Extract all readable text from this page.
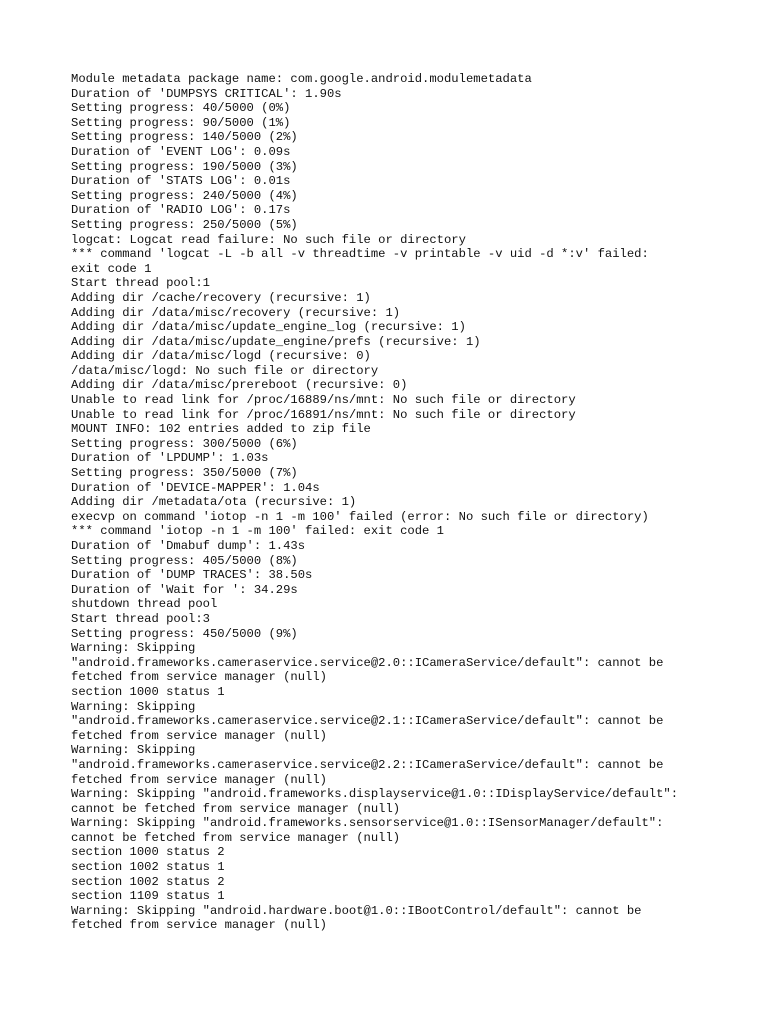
Module metadata package name: com.google.android.modulemetadata
Duration of 'DUMPSYS CRITICAL': 1.90s
Setting progress: 40/5000 (0%)
Setting progress: 90/5000 (1%)
Setting progress: 140/5000 (2%)
Duration of 'EVENT LOG': 0.09s
Setting progress: 190/5000 (3%)
Duration of 'STATS LOG': 0.01s
Setting progress: 240/5000 (4%)
Duration of 'RADIO LOG': 0.17s
Setting progress: 250/5000 (5%)
logcat: Logcat read failure: No such file or directory
*** command 'logcat -L -b all -v threadtime -v printable -v uid -d *:v' failed:
exit code 1
Start thread pool:1
Adding dir /cache/recovery (recursive: 1)
Adding dir /data/misc/recovery (recursive: 1)
Adding dir /data/misc/update_engine_log (recursive: 1)
Adding dir /data/misc/update_engine/prefs (recursive: 1)
Adding dir /data/misc/logd (recursive: 0)
/data/misc/logd: No such file or directory
Adding dir /data/misc/prereboot (recursive: 0)
Unable to read link for /proc/16889/ns/mnt: No such file or directory
Unable to read link for /proc/16891/ns/mnt: No such file or directory
MOUNT INFO: 102 entries added to zip file
Setting progress: 300/5000 (6%)
Duration of 'LPDUMP': 1.03s
Setting progress: 350/5000 (7%)
Duration of 'DEVICE-MAPPER': 1.04s
Adding dir /metadata/ota (recursive: 1)
execvp on command 'iotop -n 1 -m 100' failed (error: No such file or directory)
*** command 'iotop -n 1 -m 100' failed: exit code 1
Duration of 'Dmabuf dump': 1.43s
Setting progress: 405/5000 (8%)
Duration of 'DUMP TRACES': 38.50s
Duration of 'Wait for ': 34.29s
shutdown thread pool
Start thread pool:3
Setting progress: 450/5000 (9%)
Warning: Skipping
"android.frameworks.cameraservice.service@2.0::ICameraService/default": cannot be
fetched from service manager (null)
section 1000 status 1
Warning: Skipping
"android.frameworks.cameraservice.service@2.1::ICameraService/default": cannot be
fetched from service manager (null)
Warning: Skipping
"android.frameworks.cameraservice.service@2.2::ICameraService/default": cannot be
fetched from service manager (null)
Warning: Skipping "android.frameworks.displayservice@1.0::IDisplayService/default":
cannot be fetched from service manager (null)
Warning: Skipping "android.frameworks.sensorservice@1.0::ISensorManager/default":
cannot be fetched from service manager (null)
section 1000 status 2
section 1002 status 1
section 1002 status 2
section 1109 status 1
Warning: Skipping "android.hardware.boot@1.0::IBootControl/default": cannot be
fetched from service manager (null)
